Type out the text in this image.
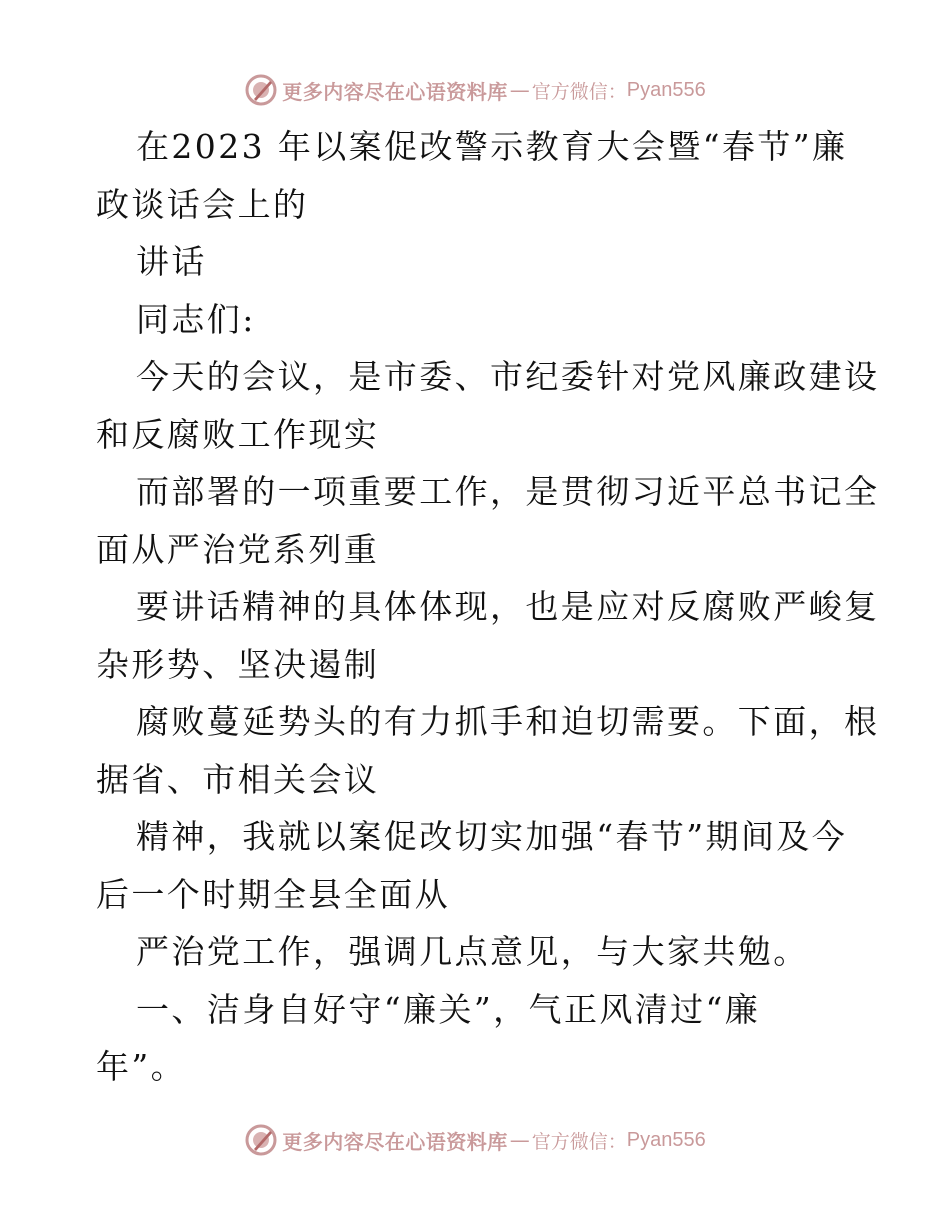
更多内容尽在心语资料库 — 官方微信： Pyan556
在2023 年以案促改警示教育大会暨“春节”廉
政谈话会上的
讲话
同志们:
今天的会议，是市委、市纪委针对党风廉政建设
和反腐败工作现实
而部署的一项重要工作，是贯彻习近平总书记全
面从严治党系列重
要讲话精神的具体体现，也是应对反腐败严峻复
杂形势、坚决遏制
腐败蔓延势头的有力抓手和迫切需要。下面，根
据省、市相关会议
精神，我就以案促改切实加强“春节”期间及今
后一个时期全县全面从
严治党工作，强调几点意见，与大家共勉。
一、洁身自好守“廉关”，气正风清过“廉
年”。
更多内容尽在心语资料库 — 官方微信： Pyan556
